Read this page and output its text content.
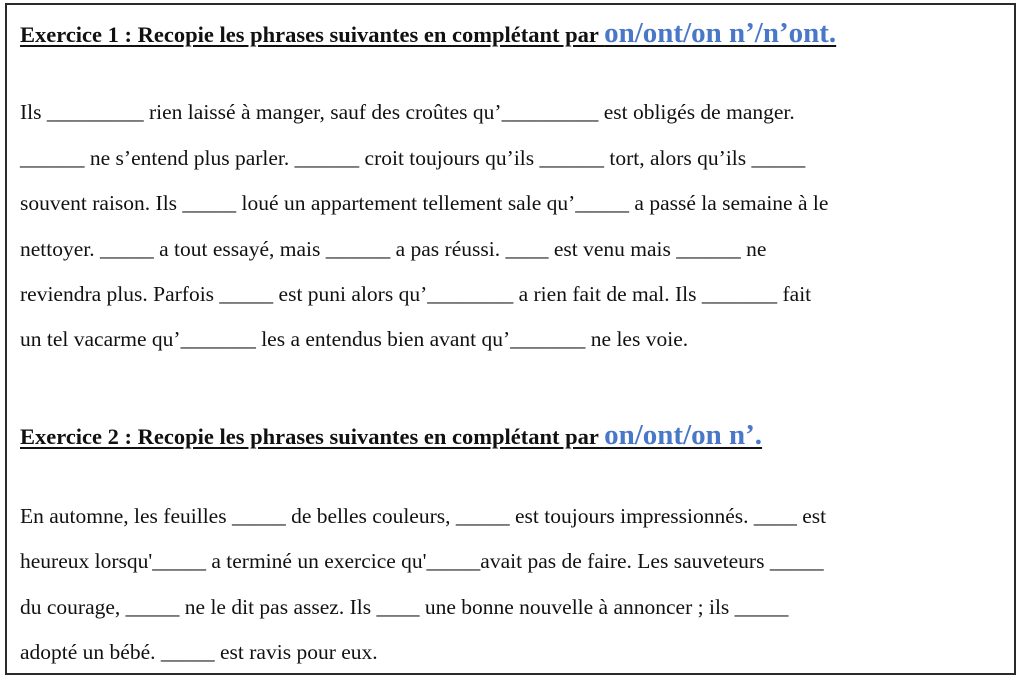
Exercice 1 : Recopie les phrases suivantes en complétant par on/ont/on n’/n’ont.

Ils _________ rien laissé à manger, sauf des croûtes qu’_________ est obligés de manger.

______ ne s’entend plus parler. ______ croit toujours qu’ils ______ tort, alors qu’ils _____

souvent raison. Ils _____ loué un appartement tellement sale qu’_____ a passé la semaine à le

nettoyer. _____ a tout essayé, mais ______ a pas réussi. ____ est venu mais ______ ne

reviendra plus. Parfois _____ est puni alors qu’________ a rien fait de mal. Ils _______ fait

un tel vacarme qu’_______ les a entendus bien avant qu’_______ ne les voie.

Exercice 2 : Recopie les phrases suivantes en complétant par on/ont/on n’.

En automne, les feuilles _____ de belles couleurs, _____ est toujours impressionnés. ____ est

heureux lorsqu'_____ a terminé un exercice qu'_____avait pas de faire. Les sauveteurs _____

du courage, _____ ne le dit pas assez. Ils ____ une bonne nouvelle à annoncer ; ils _____

adopté un bébé. _____ est ravis pour eux.
